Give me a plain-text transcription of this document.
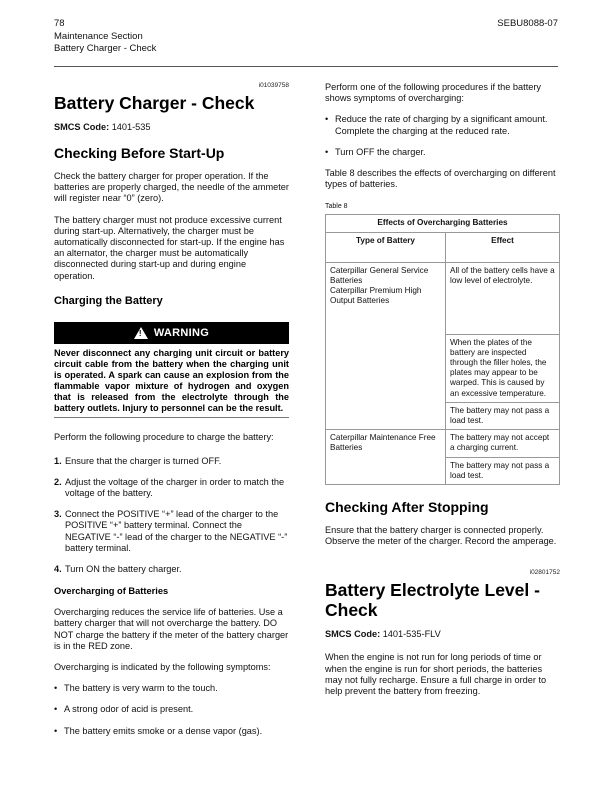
78
Maintenance Section
Battery Charger - Check
SEBU8088-07
i01039758
Battery Charger - Check
SMCS Code: 1401-535
Checking Before Start-Up

Check the battery charger for proper operation. If the batteries are properly charged, the needle of the ammeter will register near “0” (zero).

The battery charger must not produce excessive current during start-up. Alternatively, the charger must be automatically disconnected for start-up. If the engine has an alternator, the charger must be automatically disconnected during start-up and during engine operation.

Charging the Battery
!
WARNING
Never disconnect any charging unit circuit or battery circuit cable from the battery when the charging unit is operated. A spark can cause an explosion from the flammable vapor mixture of hydrogen and oxygen that is released from the electrolyte through the battery outlets. Injury to personnel can be the result.

Perform the following procedure to charge the battery:

1. Ensure that the charger is turned OFF.
2. Adjust the voltage of the charger in order to match the voltage of the battery.
3. Connect the POSITIVE “+” lead of the charger to the POSITIVE “+” battery terminal. Connect the NEGATIVE “-” lead of the charger to the NEGATIVE “-” battery terminal.
4. Turn ON the battery charger.
Overcharging of Batteries

Overcharging reduces the service life of batteries. Use a battery charger that will not overcharge the battery. DO NOT charge the battery if the meter of the battery charger is in the RED zone.

Overcharging is indicated by the following symptoms:

• The battery is very warm to the touch.
• A strong odor of acid is present.
• The battery emits smoke or a dense vapor (gas).

Perform one of the following procedures if the battery shows symptoms of overcharging:

• Reduce the rate of charging by a significant amount. Complete the charging at the reduced rate.
• Turn OFF the charger.

Table 8 describes the effects of overcharging on different types of batteries.

Table 8
Effects of Overcharging Batteries	
Type of Battery	Effect

Caterpillar General Service Batteries
Caterpillar Premium High Output Batteries	All of the battery cells have a low level of electrolyte.
	When the plates of the battery are inspected through the filler holes, the plates may appear to be warped. This is caused by an excessive temperature.
	The battery may not pass a load test.

Caterpillar Maintenance Free Batteries	The battery may not accept a charging current.
	The battery may not pass a load test.
Checking After Stopping

Ensure that the battery charger is connected properly. Observe the meter of the charger. Record the amperage.

i02801752
Battery Electrolyte Level - Check
SMCS Code: 1401-535-FLV

When the engine is not run for long periods of time or when the engine is run for short periods, the batteries may not fully recharge. Ensure a full charge in order to help prevent the battery from freezing.
